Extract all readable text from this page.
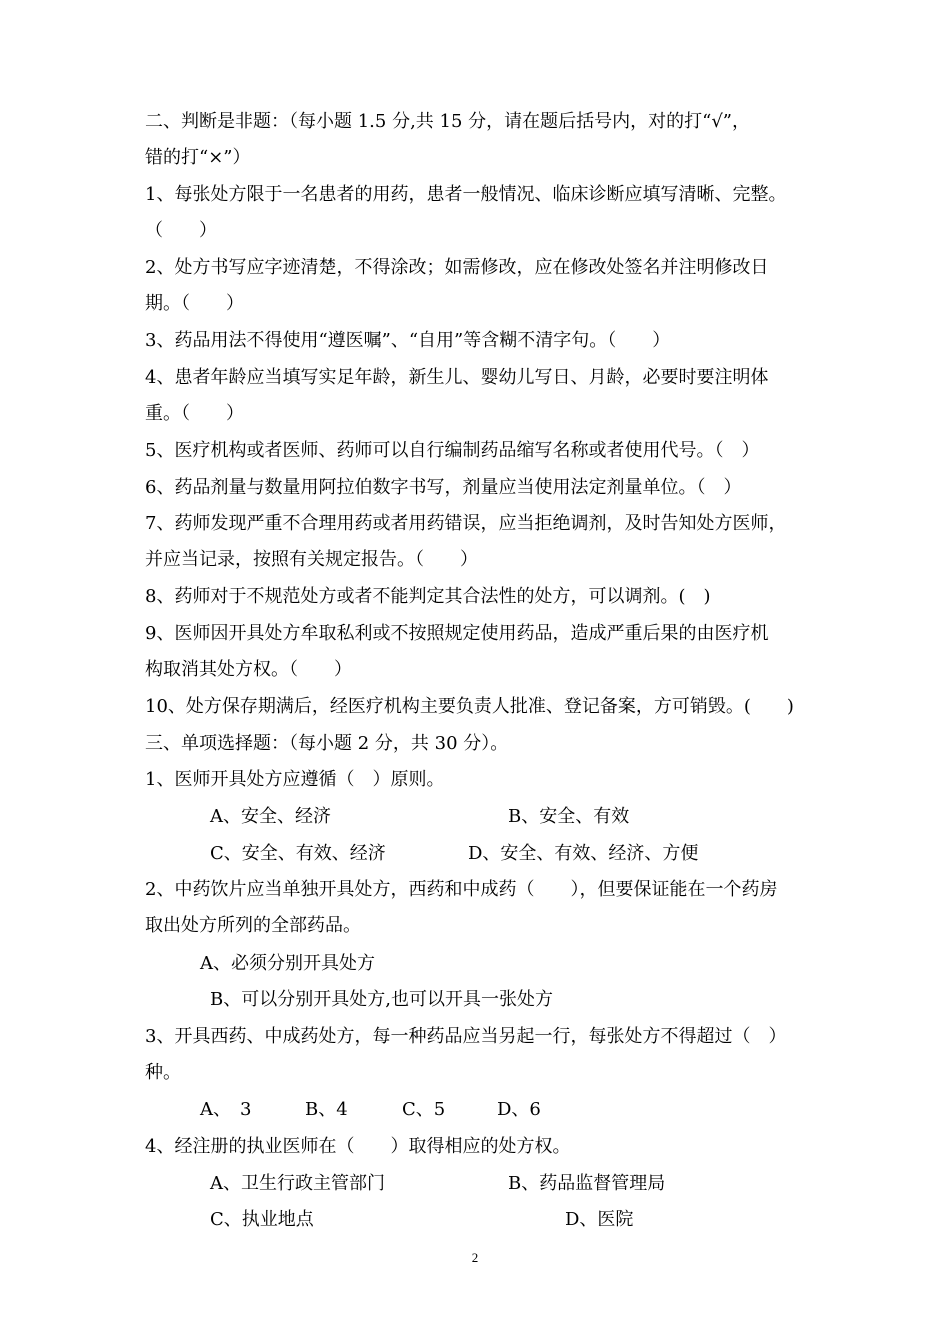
二、判断是非题：（每小题 1.5 分,共 15 分，请在题后括号内，对的打“√”，
错的打“×”）
1、每张处方限于一名患者的用药，患者一般情况、临床诊断应填写清晰、完整。
（　　）
2、处方书写应字迹清楚，不得涂改；如需修改，应在修改处签名并注明修改日
期。（　　）
3、药品用法不得使用“遵医嘱”、“自用”等含糊不清字句。（　　）
4、患者年龄应当填写实足年龄，新生儿、婴幼儿写日、月龄，必要时要注明体
重。（　　）
5、医疗机构或者医师、药师可以自行编制药品缩写名称或者使用代号。（　）
6、药品剂量与数量用阿拉伯数字书写，剂量应当使用法定剂量单位。（　）
7、药师发现严重不合理用药或者用药错误，应当拒绝调剂，及时告知处方医师，
并应当记录，按照有关规定报告。（　　）
8、药师对于不规范处方或者不能判定其合法性的处方，可以调剂。(　)
9、医师因开具处方牟取私利或不按照规定使用药品，造成严重后果的由医疗机
构取消其处方权。（　　）
10、处方保存期满后，经医疗机构主要负责人批准、登记备案，方可销毁。(　　)
三、单项选择题：（每小题 2 分，共 30 分）。
1、医师开具处方应遵循（　）原则。
A、安全、经济	B、安全、有效
C、安全、有效、经济	D、安全、有效、经济、方便
2、中药饮片应当单独开具处方，西药和中成药（　　），但要保证能在一个药房
取出处方所列的全部药品。
A、必须分别开具处方
B、可以分别开具处方,也可以开具一张处方
3、开具西药、中成药处方，每一种药品应当另起一行，每张处方不得超过（　）
种。
A、　3	B、4	C、5	D、6
4、经注册的执业医师在（　　）取得相应的处方权。
A、卫生行政主管部门	B、药品监督管理局
C、执业地点	D、医院
2
